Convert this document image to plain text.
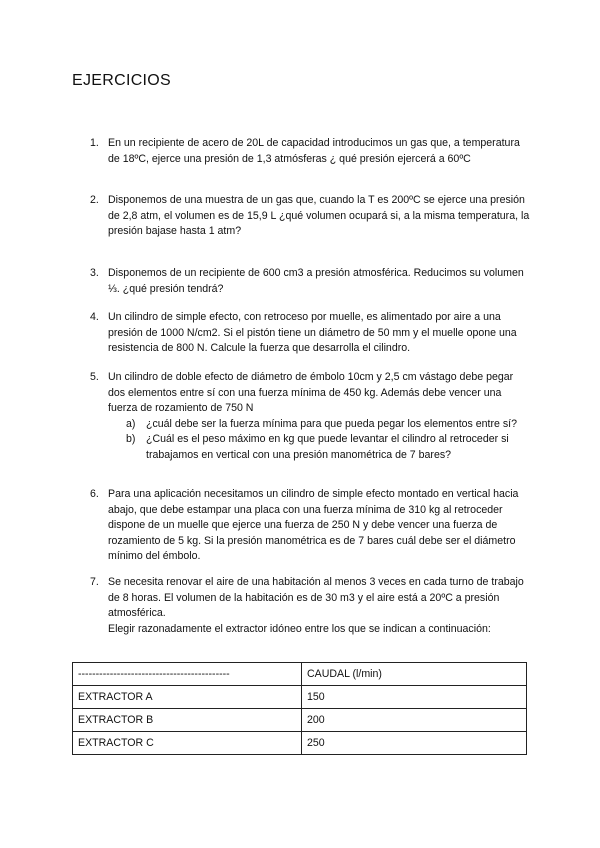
EJERCICIOS
1. En un recipiente de acero de 20L de capacidad introducimos un gas que, a temperatura de 18ºC, ejerce una presión de 1,3 atmósferas ¿ qué presión ejercerá a 60ºC
2. Disponemos de una muestra de un gas que, cuando la T es 200ºC se ejerce una presión de 2,8 atm, el volumen es de 15,9 L ¿qué volumen ocupará si, a la misma temperatura, la presión bajase hasta 1 atm?
3. Disponemos de un recipiente de 600 cm3 a presión atmosférica. Reducimos su volumen ⅓. ¿qué presión tendrá?
4. Un cilindro de simple efecto, con retroceso por muelle, es alimentado por aire a una presión de 1000 N/cm2. Si el pistón tiene un diámetro de 50 mm y el muelle opone una resistencia de 800 N. Calcule la fuerza que desarrolla el cilindro.
5. Un cilindro de doble efecto de diámetro de émbolo 10cm y 2,5 cm vástago debe pegar dos elementos entre sí con una fuerza mínima de 450 kg. Además debe vencer una fuerza de rozamiento de 750 N
a) ¿cuál debe ser la fuerza mínima para que pueda pegar los elementos entre sí?
b) ¿Cuál es el peso máximo en kg que puede levantar el cilindro al retroceder si trabajamos en vertical con una presión manométrica de 7 bares?
6. Para una aplicación necesitamos un cilindro de simple efecto montado en vertical hacia abajo, que debe estampar una placa con una fuerza mínima de 310 kg al retroceder dispone de un muelle que ejerce una fuerza de 250 N y debe vencer una fuerza de rozamiento de 5 kg. Si la presión manométrica es de 7 bares cuál debe ser el diámetro mínimo del émbolo.
7. Se necesita renovar el aire de una habitación al menos 3 veces en cada turno de trabajo de 8 horas. El volumen de la habitación es de 30 m3 y el aire está a 20ºC a presión atmosférica.
Elegir razonadamente el extractor idóneo entre los que se indican a continuación:
-------------------------------------------	CAUDAL (l/min)
EXTRACTOR A	150
EXTRACTOR B	200
EXTRACTOR C	250
